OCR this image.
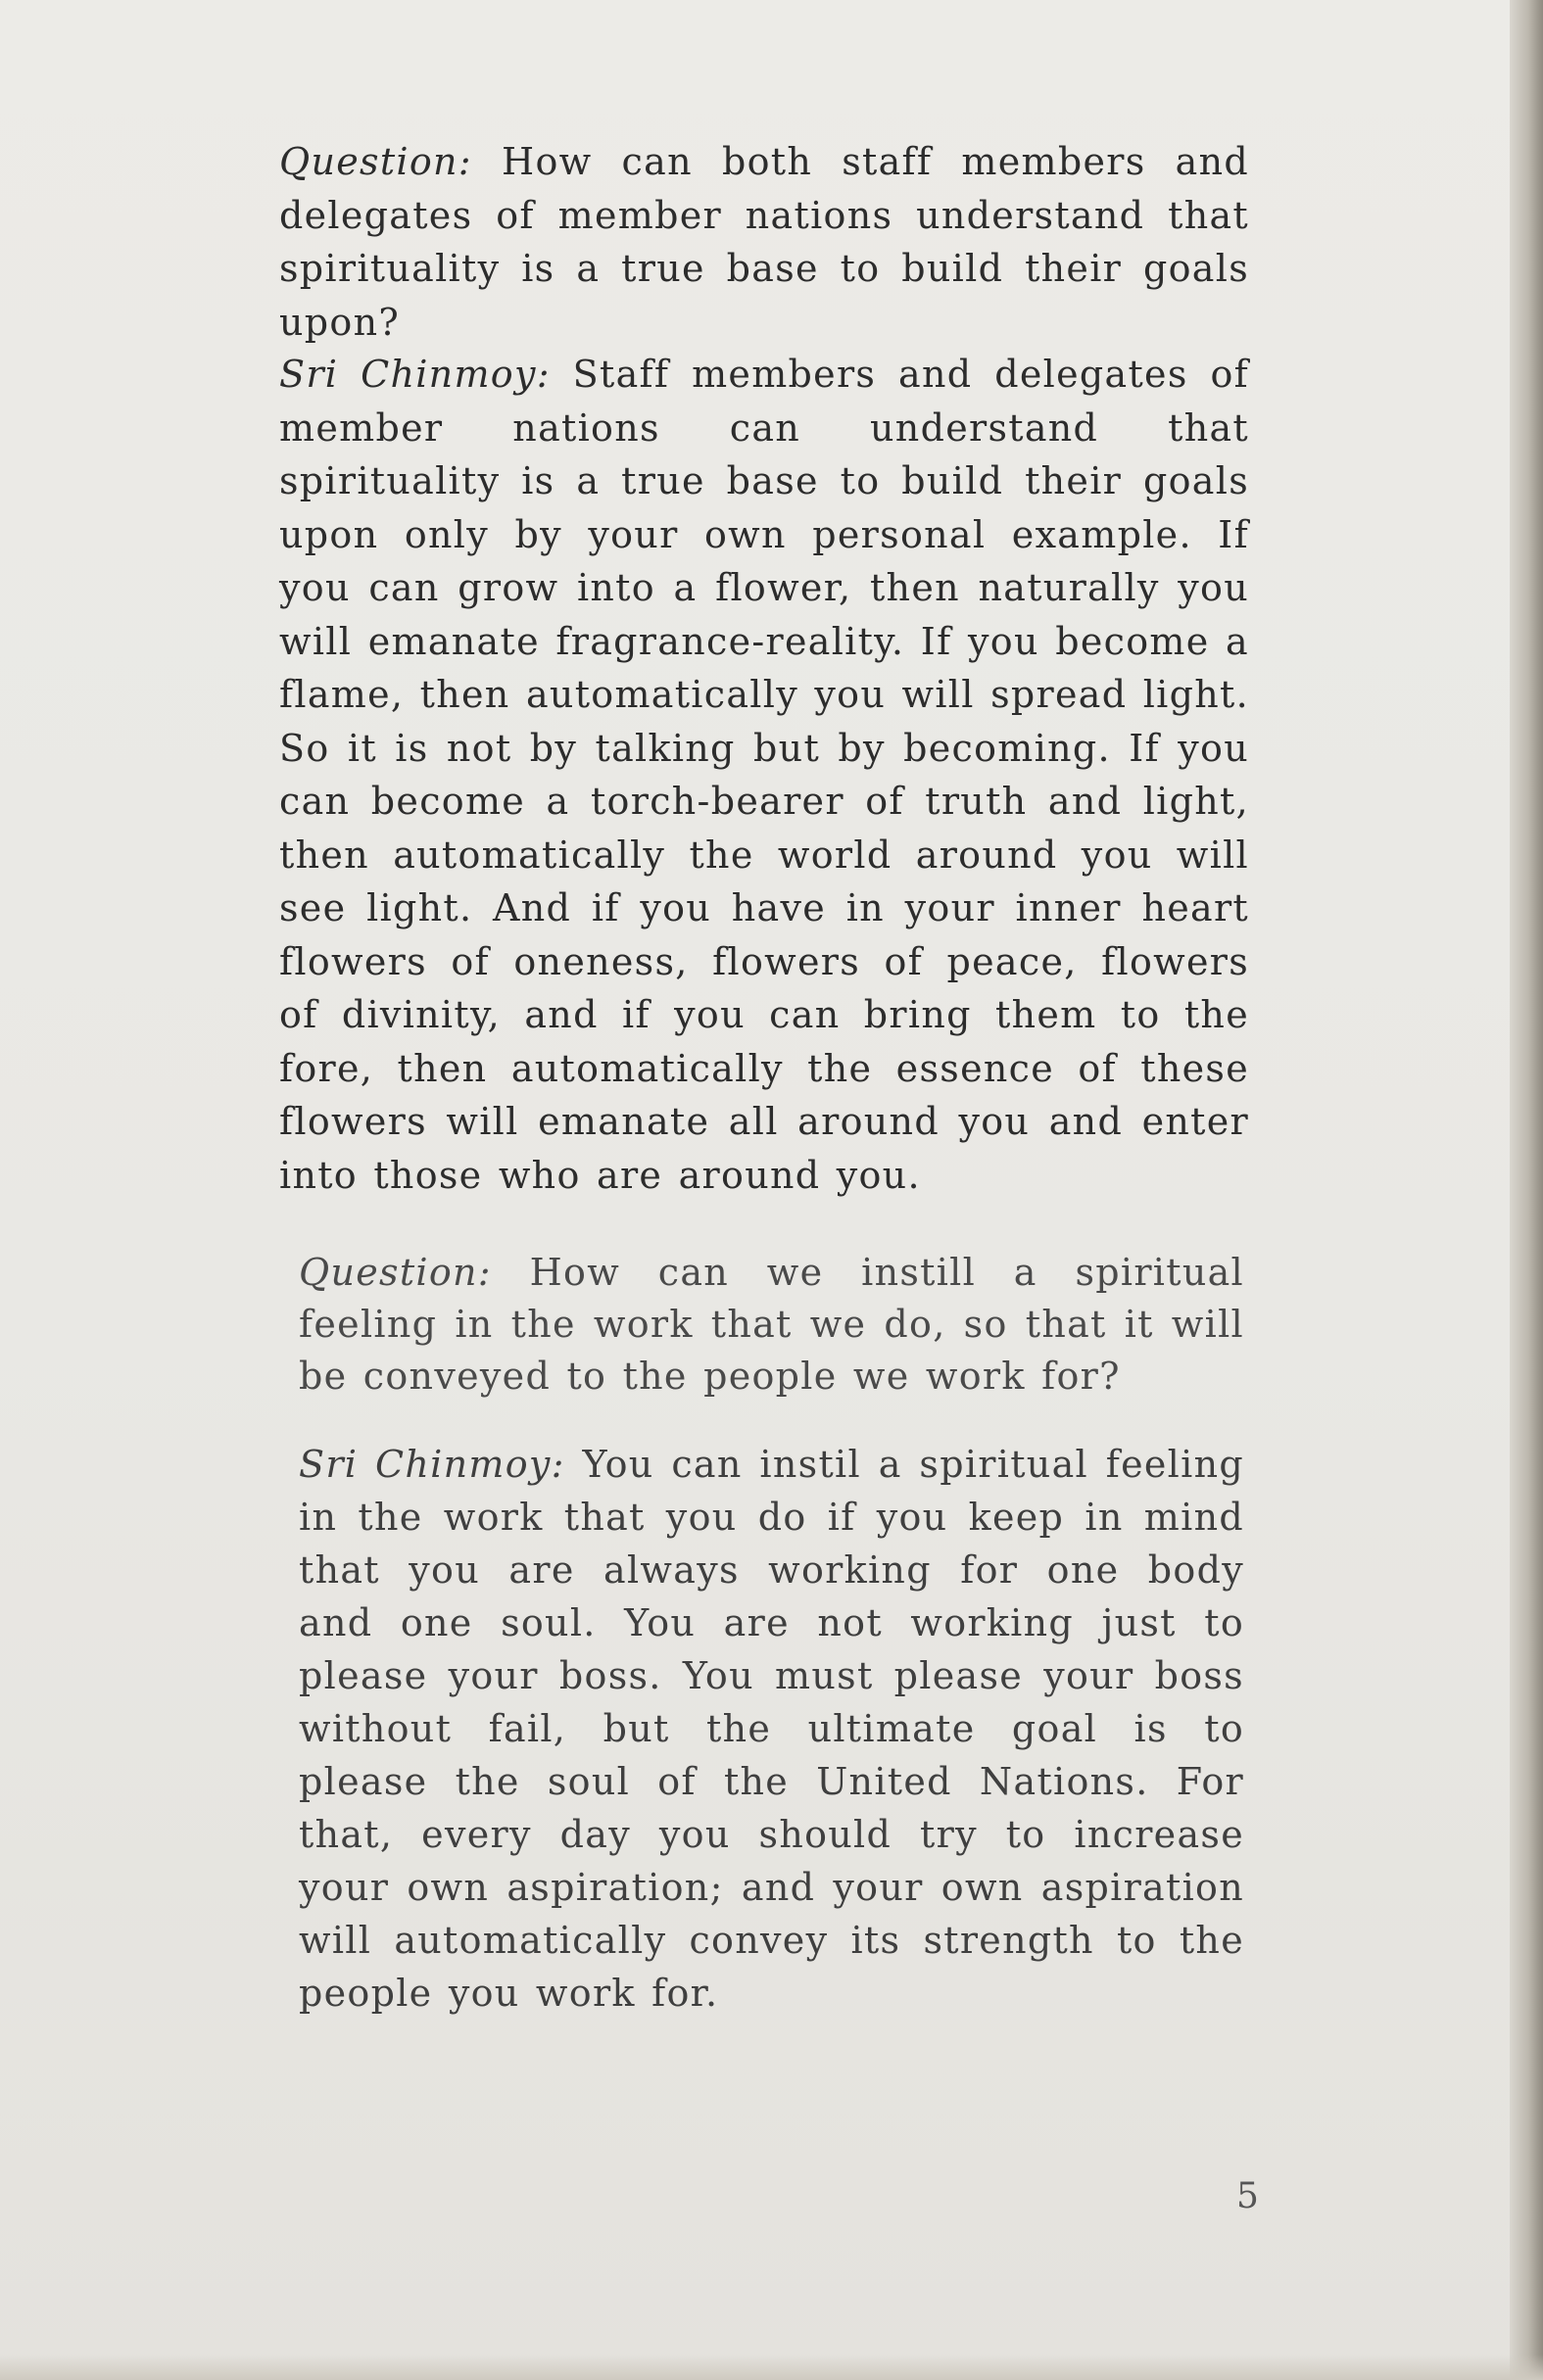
Question: How can both staff members and delegates of member nations understand that spirituality is a true base to build their goals upon?

Sri Chinmoy: Staff members and delegates of member nations can understand that spirituality is a true base to build their goals upon only by your own personal example. If you can grow into a flower, then naturally you will emanate fragrance-reality. If you become a flame, then automatically you will spread light. So it is not by talking but by becoming. If you can become a torch-bearer of truth and light, then automatically the world around you will see light. And if you have in your inner heart flowers of oneness, flowers of peace, flowers of divinity, and if you can bring them to the fore, then automatically the essence of these flowers will emanate all around you and enter into those who are around you.

Question: How can we instill a spiritual feeling in the work that we do, so that it will be conveyed to the people we work for?

Sri Chinmoy: You can instil a spiritual feeling in the work that you do if you keep in mind that you are always working for one body and one soul. You are not working just to please your boss. You must please your boss without fail, but the ultimate goal is to please the soul of the United Nations. For that, every day you should try to increase your own aspiration; and your own aspiration will automatically convey its strength to the people you work for.

5
